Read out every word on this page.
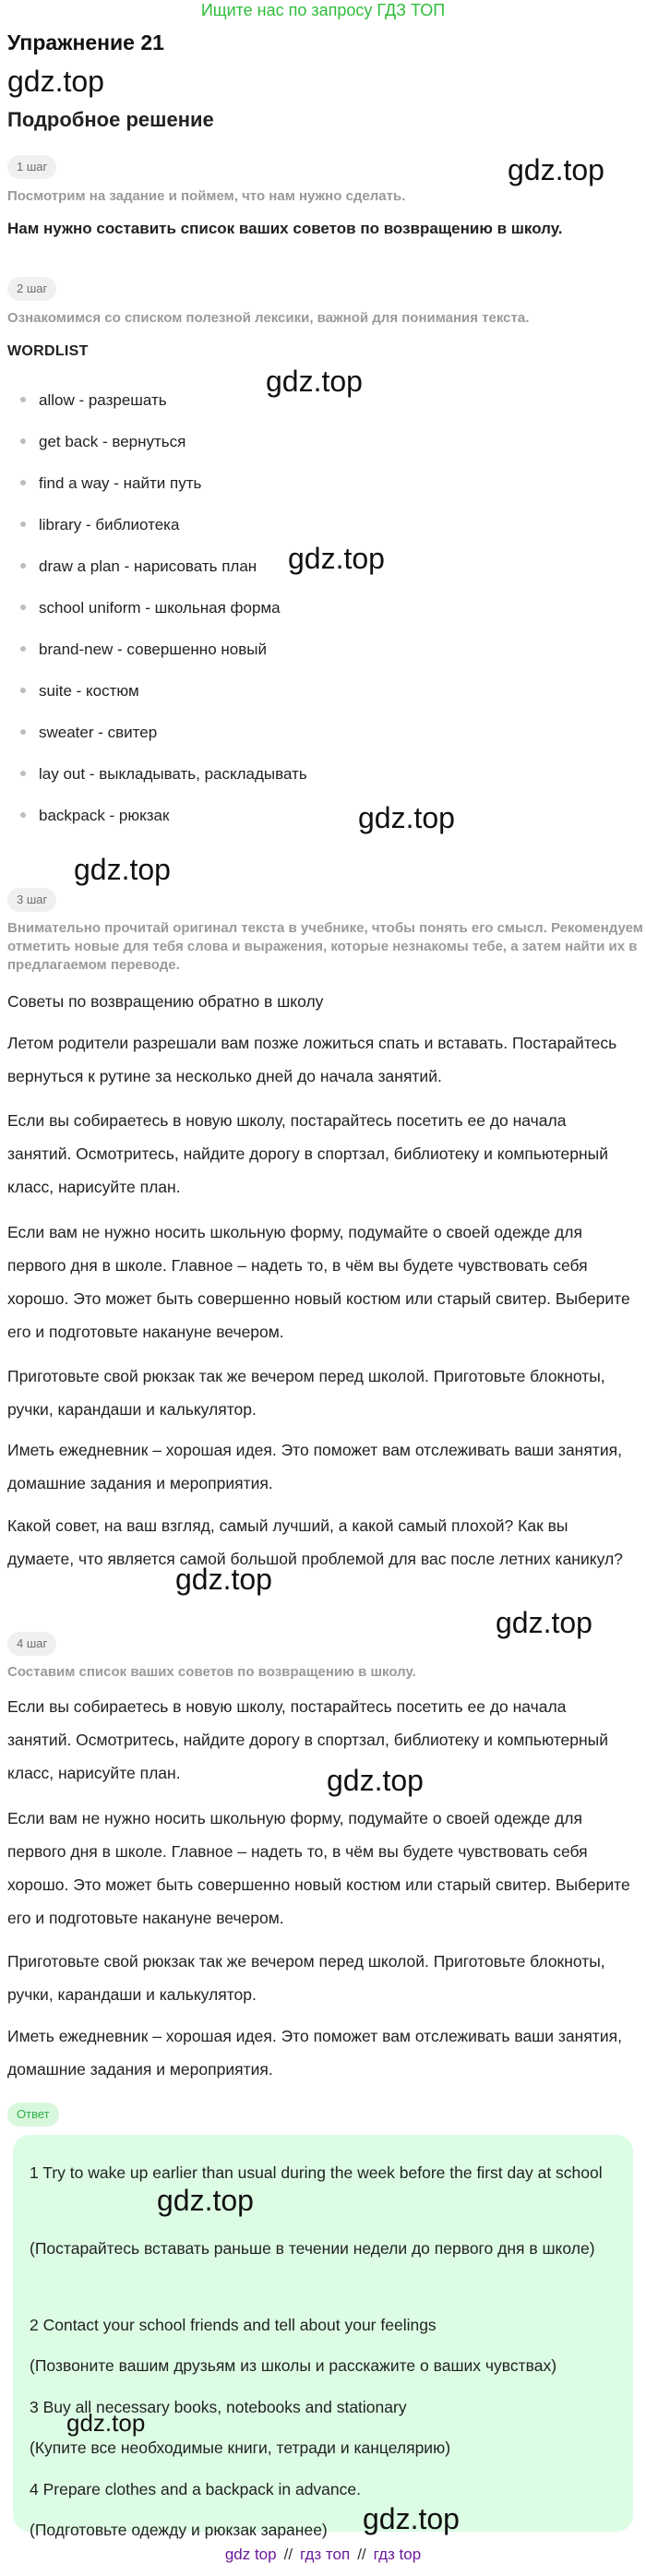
Ищите нас по запросу ГДЗ ТОП
Упражнение 21
gdz.top
Подробное решение
1 шаг
Посмотрим на задание и поймем, что нам нужно сделать.
Нам нужно составить список ваших советов по возвращению в школу.
2 шаг
Ознакомимся со списком полезной лексики, важной для понимания текста.
WORDLIST
allow - разрешать
get back - вернуться
find a way - найти путь
library - библиотека
draw a plan - нарисовать план
school uniform - школьная форма
brand-new - совершенно новый
suite - костюм
sweater - свитер
lay out - выкладывать, раскладывать
backpack - рюкзак
3 шаг
Внимательно прочитай оригинал текста в учебнике, чтобы понять его смысл. Рекомендуем отметить новые для тебя слова и выражения, которые незнакомы тебе, а затем найти их в предлагаемом переводе.
Советы по возвращению обратно в школу
Летом родители разрешали вам позже ложиться спать и вставать. Постарайтесь вернуться к рутине за несколько дней до начала занятий.
Если вы собираетесь в новую школу, постарайтесь посетить ее до начала занятий. Осмотритесь, найдите дорогу в спортзал, библиотеку и компьютерный класс, нарисуйте план.
Если вам не нужно носить школьную форму, подумайте о своей одежде для первого дня в школе. Главное – надеть то, в чём вы будете чувствовать себя хорошо. Это может быть совершенно новый костюм или старый свитер. Выберите его и подготовьте накануне вечером.
Приготовьте свой рюкзак так же вечером перед школой. Приготовьте блокноты, ручки, карандаши и калькулятор.
Иметь ежедневник – хорошая идея. Это поможет вам отслеживать ваши занятия, домашние задания и мероприятия.
Какой совет, на ваш взгляд, самый лучший, а какой самый плохой? Как вы думаете, что является самой большой проблемой для вас после летних каникул?
4 шаг
Составим список ваших советов по возвращению в школу.
Если вы собираетесь в новую школу, постарайтесь посетить ее до начала занятий. Осмотритесь, найдите дорогу в спортзал, библиотеку и компьютерный класс, нарисуйте план.
Если вам не нужно носить школьную форму, подумайте о своей одежде для первого дня в школе. Главное – надеть то, в чём вы будете чувствовать себя хорошо. Это может быть совершенно новый костюм или старый свитер. Выберите его и подготовьте накануне вечером.
Приготовьте свой рюкзак так же вечером перед школой. Приготовьте блокноты, ручки, карандаши и калькулятор.
Иметь ежедневник – хорошая идея. Это поможет вам отслеживать ваши занятия, домашние задания и мероприятия.
Ответ
1 Try to wake up earlier than usual during the week before the first day at school
(Постарайтесь вставать раньше в течении недели до первого дня в школе)
2 Contact your school friends and tell about your feelings
(Позвоните вашим друзьям из школы и расскажите о ваших чувствах)
3 Buy all necessary books, notebooks and stationary
(Купите все необходимые книги, тетради и канцелярию)
4 Prepare clothes and a backpack in advance.
(Подготовьте одежду и рюкзак заранее)
gdz.top
gdz.top
gdz.top
gdz.top
gdz.top
gdz.top
gdz.top
gdz.top
gdz.top
gdz.top
gdz.top
gdz top // гдз топ // гдз top
